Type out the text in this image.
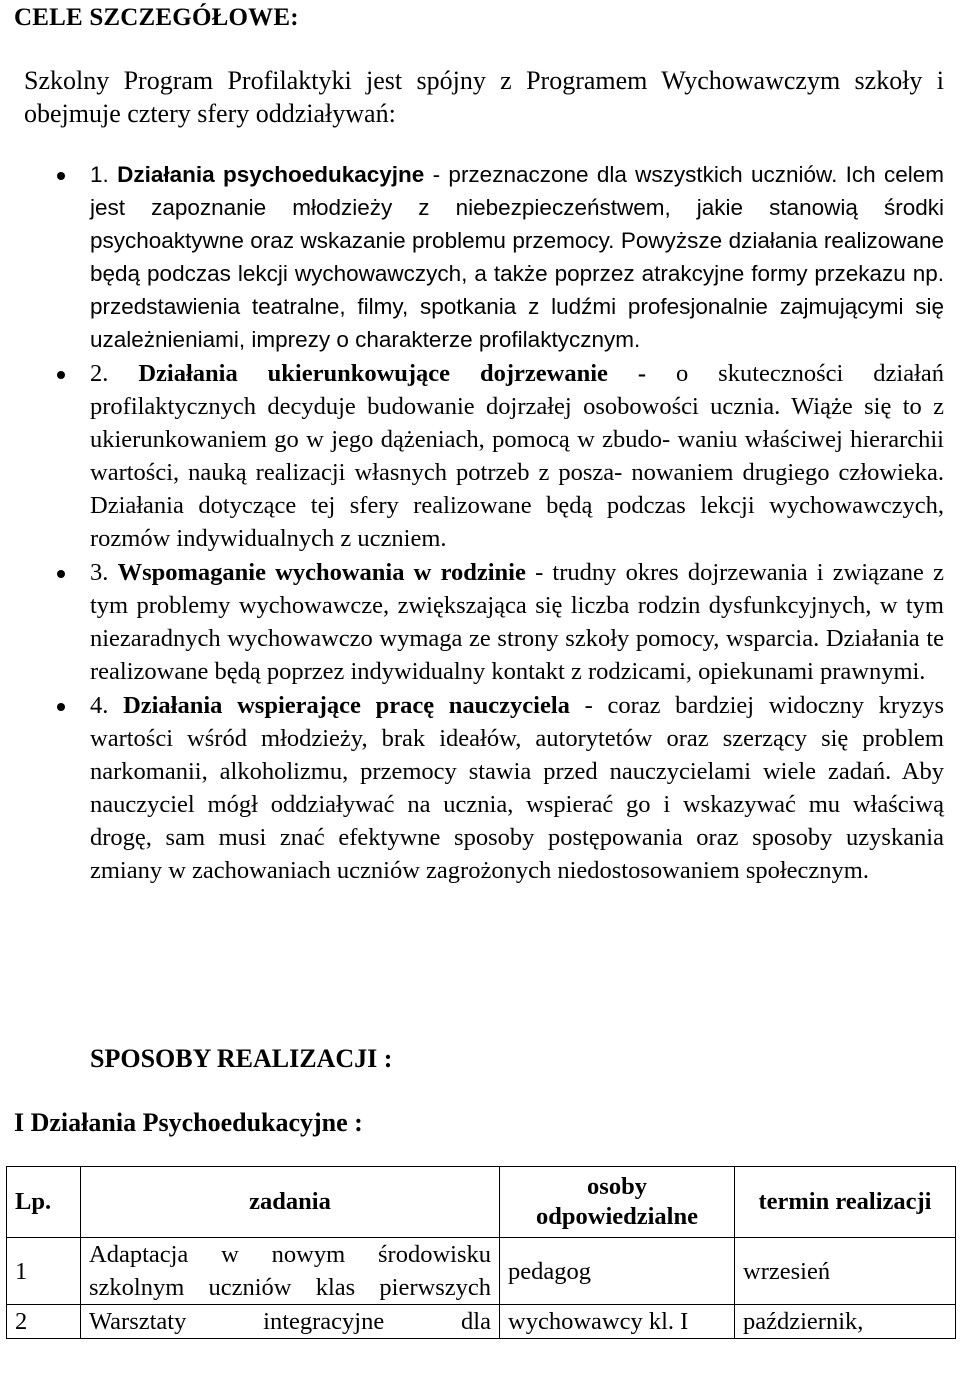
CELE SZCZEGÓŁOWE:
Szkolny Program Profilaktyki jest spójny z Programem Wychowawczym szkoły i obejmuje cztery sfery oddziaływań:
1. Działania psychoedukacyjne - przeznaczone dla wszystkich uczniów. Ich celem jest zapoznanie młodzieży z niebezpieczeństwem, jakie stanowią środki psychoaktywne oraz wskazanie problemu przemocy. Powyższe działania realizowane będą podczas lekcji wychowawczych, a także poprzez atrakcyjne formy przekazu np. przedstawienia teatralne, filmy, spotkania z ludźmi profesjonalnie zajmującymi się uzależnieniami, imprezy o charakterze profilaktycznym.
2. Działania ukierunkowujące dojrzewanie - o skuteczności działań profilaktycznych decyduje budowanie dojrzałej osobowości ucznia. Wiąże się to z ukierunkowaniem go w jego dążeniach, pomocą w zbudo- waniu właściwej hierarchii wartości, nauką realizacji własnych potrzeb z posza- nowaniem drugiego człowieka. Działania dotyczące tej sfery realizowane będą podczas lekcji wychowawczych, rozmów indywidualnych z uczniem.
3. Wspomaganie wychowania w rodzinie - trudny okres dojrzewania i związane z tym problemy wychowawcze, zwiększająca się liczba rodzin dysfunkcyjnych, w tym niezaradnych wychowawczo wymaga ze strony szkoły pomocy, wsparcia. Działania te realizowane będą poprzez indywidualny kontakt z rodzicami, opiekunami prawnymi.
4. Działania wspierające pracę nauczyciela - coraz bardziej widoczny kryzys wartości wśród młodzieży, brak ideałów, autorytetów oraz szerzący się problem narkomanii, alkoholizmu, przemocy stawia przed nauczycielami wiele zadań. Aby nauczyciel mógł oddziaływać na ucznia, wspierać go i wskazywać mu właściwą drogę, sam musi znać efektywne sposoby postępowania oraz sposoby uzyskania zmiany w zachowaniach uczniów zagrożonych niedostosowaniem społecznym.
SPOSOBY REALIZACJI :
I Działania Psychoedukacyjne :
Lp.	zadania	osoby odpowiedzialne	termin realizacji
1	Adaptacja w nowym środowisku szkolnym uczniów klas pierwszych	pedagog	wrzesień
2	Warsztaty integracyjne dla	wychowawcy kl. I	październik,
